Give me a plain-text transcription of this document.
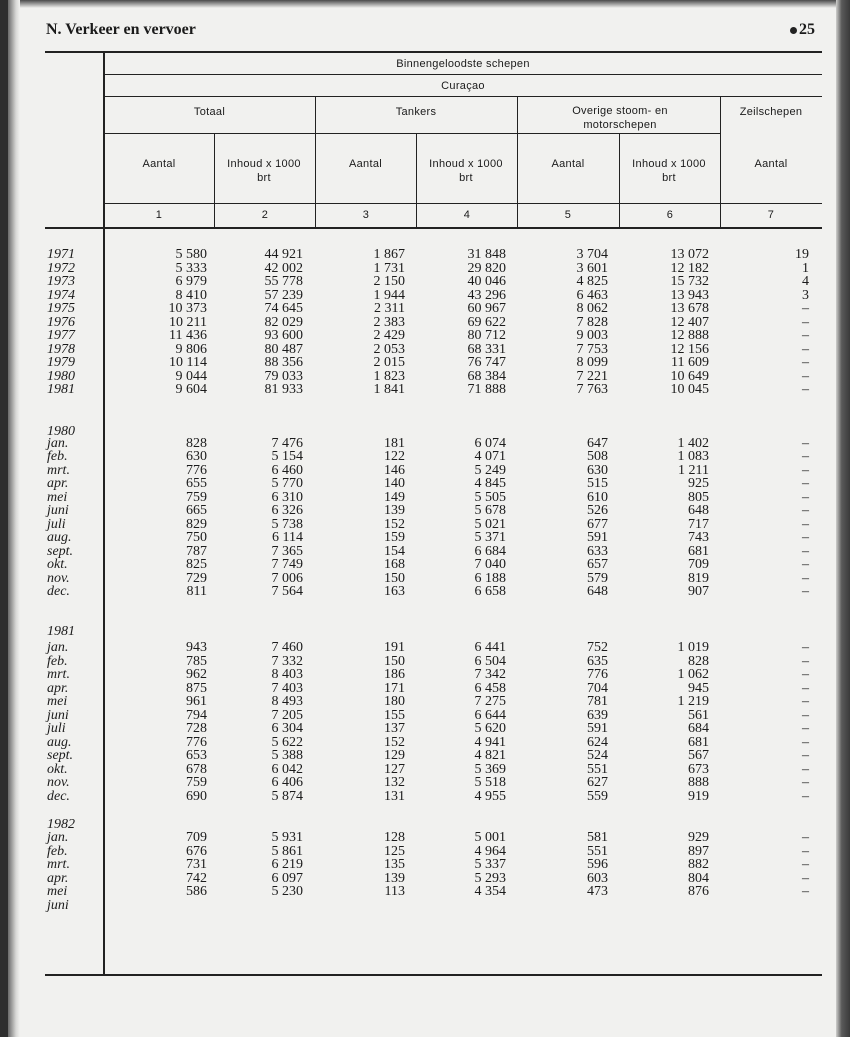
N. Verkeer en vervoer	25
Binnengeloodste schepen
Curaçao
Totaal	Tankers	Overige stoom- en motorschepen
Zeilschepen
Aantal	Inhoud x 1000 brt
Aantal	Inhoud x 1000 brt
Aantal	Inhoud x 1000 brt
Aantal
1	2	3	4	5	6	7
1971	5 580	44 921	1 867	31 848	3 704	13 072	19
1972	5 333	42 002	1 731	29 820	3 601	12 182	1
1973	6 979	55 778	2 150	40 046	4 825	15 732	4
1974	8 410	57 239	1 944	43 296	6 463	13 943	3
1975	10 373	74 645	2 311	60 967	8 062	13 678	–
1976	10 211	82 029	2 383	69 622	7 828	12 407	–
1977	11 436	93 600	2 429	80 712	9 003	12 888	–
1978	9 806	80 487	2 053	68 331	7 753	12 156	–
1979	10 114	88 356	2 015	76 747	8 099	11 609	–
1980	9 044	79 033	1 823	68 384	7 221	10 649	–
1981	9 604	81 933	1 841	71 888	7 763	10 045	–
1980
jan.	828	7 476	181	6 074	647	1 402	–
feb.	630	5 154	122	4 071	508	1 083	–
mrt.	776	6 460	146	5 249	630	1 211	–
apr.	655	5 770	140	4 845	515	925	–
mei	759	6 310	149	5 505	610	805	–
juni	665	6 326	139	5 678	526	648	–
juli	829	5 738	152	5 021	677	717	–
aug.	750	6 114	159	5 371	591	743	–
sept.	787	7 365	154	6 684	633	681	–
okt.	825	7 749	168	7 040	657	709	–
nov.	729	7 006	150	6 188	579	819	–
dec.	811	7 564	163	6 658	648	907	–
1981
jan.	943	7 460	191	6 441	752	1 019	–
feb.	785	7 332	150	6 504	635	828	–
mrt.	962	8 403	186	7 342	776	1 062	–
apr.	875	7 403	171	6 458	704	945	–
mei	961	8 493	180	7 275	781	1 219	–
juni	794	7 205	155	6 644	639	561	–
juli	728	6 304	137	5 620	591	684	–
aug.	776	5 622	152	4 941	624	681	–
sept.	653	5 388	129	4 821	524	567	–
okt.	678	6 042	127	5 369	551	673	–
nov.	759	6 406	132	5 518	627	888	–
dec.	690	5 874	131	4 955	559	919	–
1982
jan.	709	5 931	128	5 001	581	929	–
feb.	676	5 861	125	4 964	551	897	–
mrt.	731	6 219	135	5 337	596	882	–
apr.	742	6 097	139	5 293	603	804	–
mei	586	5 230	113	4 354	473	876	–
juni
